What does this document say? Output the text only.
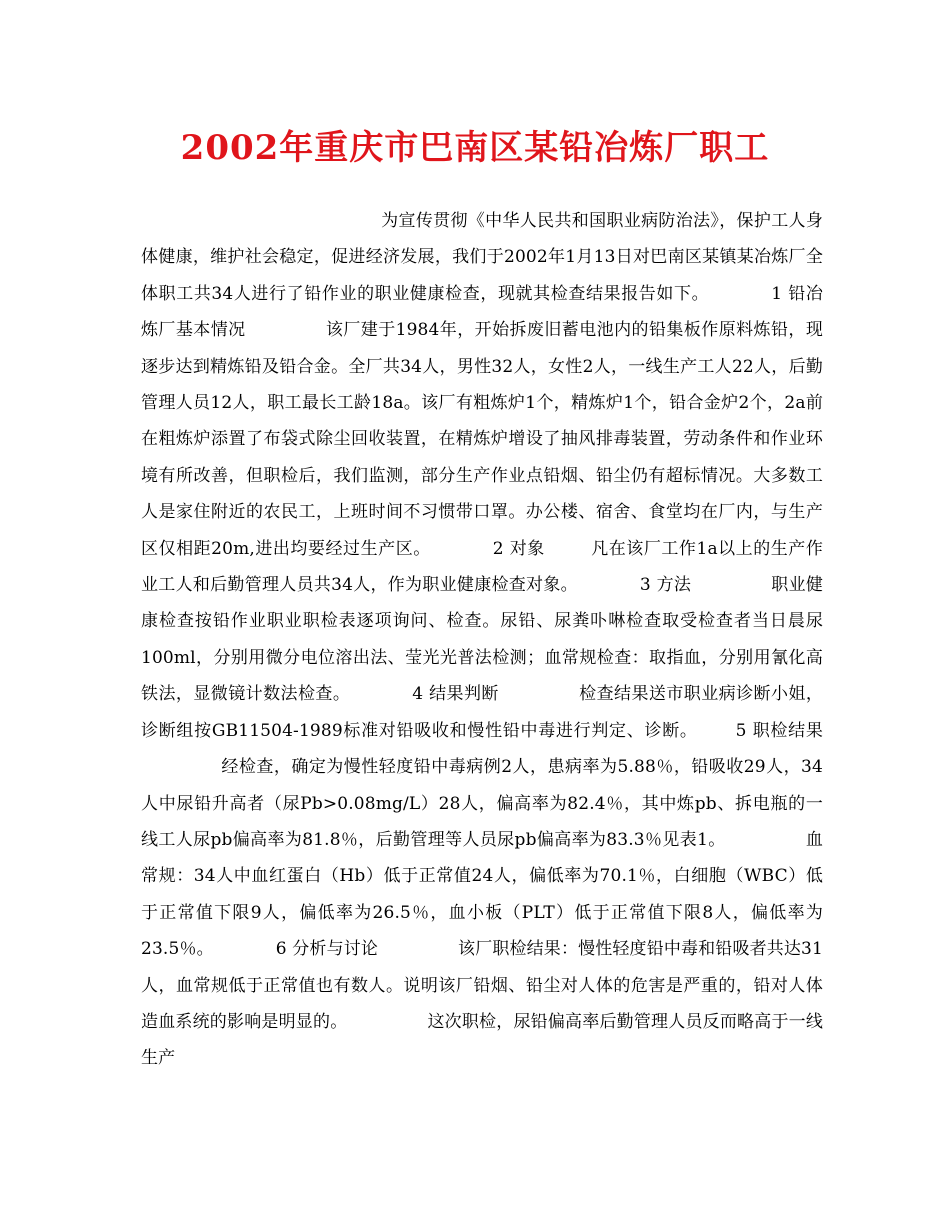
2002年重庆市巴南区某铅冶炼厂职工

为宣传贯彻《中华人民共和国职业病防治法》，保护工人身体健康，维护社会稳定，促进经济发展，我们于2002年1月13日对巴南区某镇某冶炼厂全体职工共34人进行了铅作业的职业健康检查，现就其检查结果报告如下。	1 铅冶炼厂基本情况	该厂建于1984年，开始拆废旧蓄电池内的铅集板作原料炼铅，现逐步达到精炼铅及铅合金。全厂共34人，男性32人，女性2人，一线生产工人22人，后勤管理人员12人，职工最长工龄18a。该厂有粗炼炉1个，精炼炉1个，铅合金炉2个，2a前在粗炼炉添置了布袋式除尘回收装置，在精炼炉增设了抽风排毒装置，劳动条件和作业环境有所改善，但职检后，我们监测，部分生产作业点铅烟、铅尘仍有超标情况。大多数工人是家住附近的农民工，上班时间不习惯带口罩。办公楼、宿舍、食堂均在厂内，与生产区仅相距20m,进出均要经过生产区。	2 对象	凡在该厂工作1a以上的生产作业工人和后勤管理人员共34人，作为职业健康检查对象。	3 方法	职业健康检查按铅作业职业职检表逐项询问、检查。尿铅、尿粪卟啉检查取受检查者当日晨尿100ml，分别用微分电位溶出法、莹光光普法检测；血常规检查：取指血，分别用氰化高铁法，显微镜计数法检查。	4 结果判断	检查结果送市职业病诊断小姐，诊断组按GB11504-1989标准对铅吸收和慢性铅中毒进行判定、诊断。 5 职检结果经检查，确定为慢性轻度铅中毒病例2人，患病率为5.88％，铅吸收29人，34人中尿铅升高者（尿Pb>0.08mg/L）28人，偏高率为82.4％，其中炼pb、拆电瓶的一线工人尿pb偏高率为81.8％，后勤管理等人员尿pb偏高率为83.3％见表1。	血常规：34人中血红蛋白（Hb）低于正常值24人，偏低率为70.1％，白细胞（WBC）低于正常值下限9人，偏低率为26.5％，血小板（PLT）低于正常值下限8人，偏低率为23.5％。	6 分析与讨论	该厂职检结果：慢性轻度铅中毒和铅吸者共达31人，血常规低于正常值也有数人。说明该厂铅烟、铅尘对人体的危害是严重的，铅对人体造血系统的影响是明显的。	这次职检，尿铅偏高率后勤管理人员反而略高于一线生产
